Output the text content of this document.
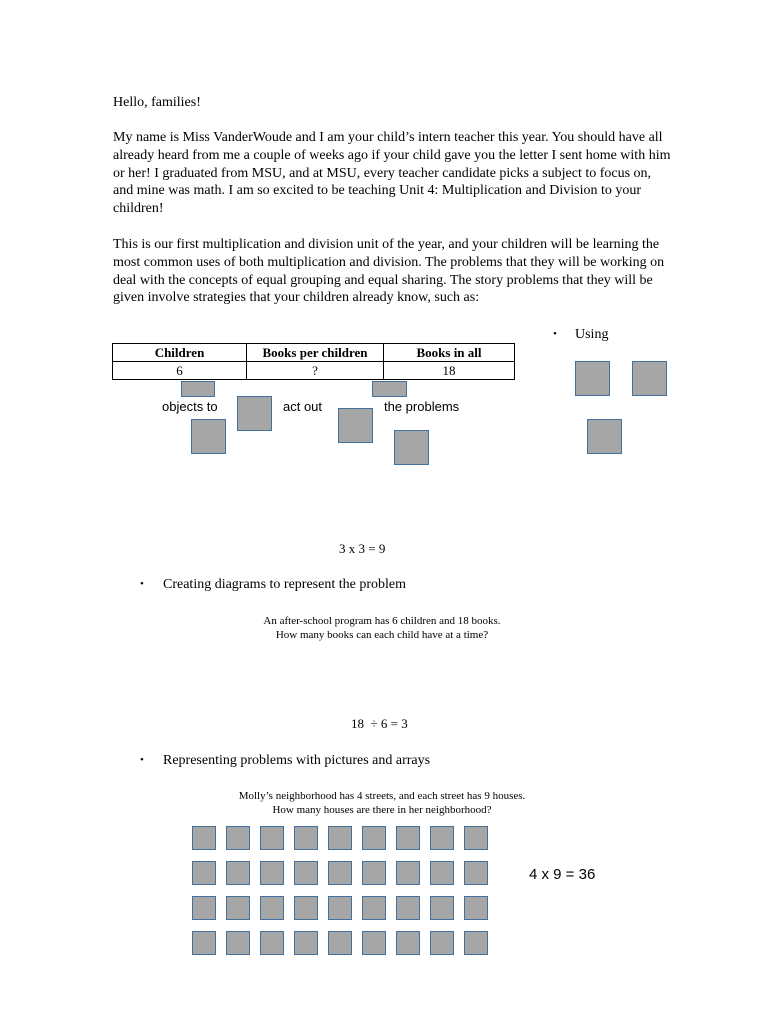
Hello, families!

My name is Miss VanderWoude and I am your child’s intern teacher this year. You should have all already heard from me a couple of weeks ago if your child gave you the letter I sent home with him or her! I graduated from MSU, and at MSU, every teacher candidate picks a subject to focus on, and mine was math. I am so excited to be teaching Unit 4: Multiplication and Division to your children!

This is our first multiplication and division unit of the year, and your children will be learning the most common uses of both multiplication and division. The problems that they will be working on deal with the concepts of equal grouping and equal sharing. The story problems that they will be given involve strategies that your children already know, such as:

Children	Books per children	Books in all
6	?	18
• Using
objects to	act out	the problems
3 x 3 = 9
• Creating diagrams to represent the problem
An after-school program has 6 children and 18 books.
How many books can each child have at a time?
18  ÷ 6 = 3
• Representing problems with pictures and arrays
Molly’s neighborhood has 4 streets, and each street has 9 houses.
How many houses are there in her neighborhood?
4 x 9 = 36
